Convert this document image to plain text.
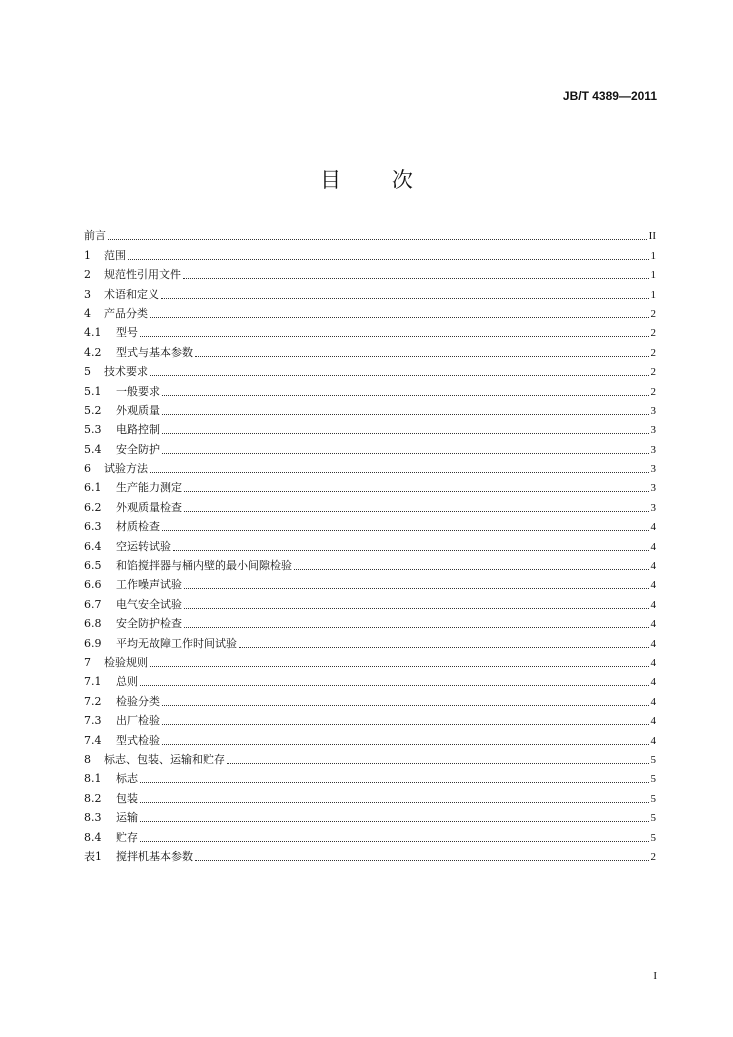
JB/T 4389—2011
目 次
前言	II
1	范围	1
2	规范性引用文件	1
3	术语和定义	1
4	产品分类	2
4.1	型号	2
4.2	型式与基本参数	2
5	技术要求	2
5.1	一般要求	2
5.2	外观质量	3
5.3	电路控制	3
5.4	安全防护	3
6	试验方法	3
6.1	生产能力测定	3
6.2	外观质量检查	3
6.3	材质检查	4
6.4	空运转试验	4
6.5	和馅搅拌器与桶内壁的最小间隙检验	4
6.6	工作噪声试验	4
6.7	电气安全试验	4
6.8	安全防护检查	4
6.9	平均无故障工作时间试验	4
7	检验规则	4
7.1	总则	4
7.2	检验分类	4
7.3	出厂检验	4
7.4	型式检验	4
8	标志、包装、运输和贮存	5
8.1	标志	5
8.2	包装	5
8.3	运输	5
8.4	贮存	5
表1	搅拌机基本参数	2
I
